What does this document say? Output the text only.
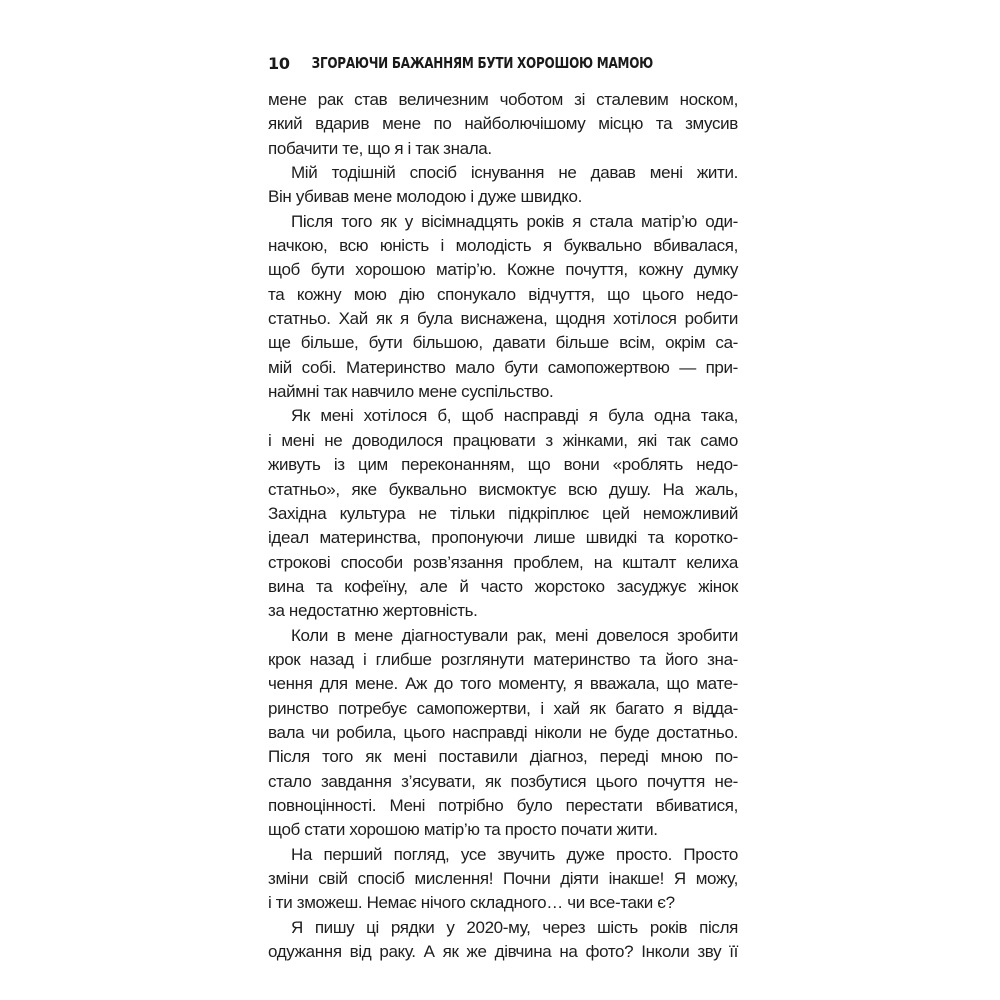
10 ЗГОРАЮЧИ БАЖАННЯМ БУТИ ХОРОШОЮ МАМОЮ
мене рак став величезним чоботом зі сталевим носком,
який вдарив мене по найболючішому місцю та змусив
побачити те, що я і так знала.
Мій тодішній спосіб існування не давав мені жити.
Він убивав мене молодою і дуже швидко.
Після того як у вісімнадцять років я стала матір’ю оди-
начкою, всю юність і молодість я буквально вбивалася,
щоб бути хорошою матір’ю. Кожне почуття, кожну думку
та кожну мою дію спонукало відчуття, що цього недо-
статньо. Хай як я була виснажена, щодня хотілося робити
ще більше, бути більшою, давати більше всім, окрім са-
мій собі. Материнство мало бути самопожертвою — при-
наймні так навчило мене суспільство.
Як мені хотілося б, щоб насправді я була одна така,
і мені не доводилося працювати з жінками, які так само
живуть із цим переконанням, що вони «роблять недо-
статньо», яке буквально висмоктує всю душу. На жаль,
Західна культура не тільки підкріплює цей неможливий
ідеал материнства, пропонуючи лише швидкі та коротко-
строкові способи розв’язання проблем, на кшталт келиха
вина та кофеїну, але й часто жорстоко засуджує жінок
за недостатню жертовність.
Коли в мене діагностували рак, мені довелося зробити
крок назад і глибше розглянути материнство та його зна-
чення для мене. Аж до того моменту, я вважала, що мате-
ринство потребує самопожертви, і хай як багато я віддa-
вала чи робила, цього насправді ніколи не буде достатньо.
Після того як мені поставили діагноз, переді мною по-
стало завдання з’ясувати, як позбутися цього почуття не-
повноцінності. Мені потрібно було перестати вбиватися,
щоб стати хорошою матір’ю та просто почати жити.
На перший погляд, усе звучить дуже просто. Просто
зміни свій спосіб мислення! Почни діяти інакше! Я можу,
і ти зможеш. Немає нічого складного… чи все-таки є?
Я пишу ці рядки у 2020-му, через шість років після
одужання від раку. А як же дівчина на фото? Інколи зву її
